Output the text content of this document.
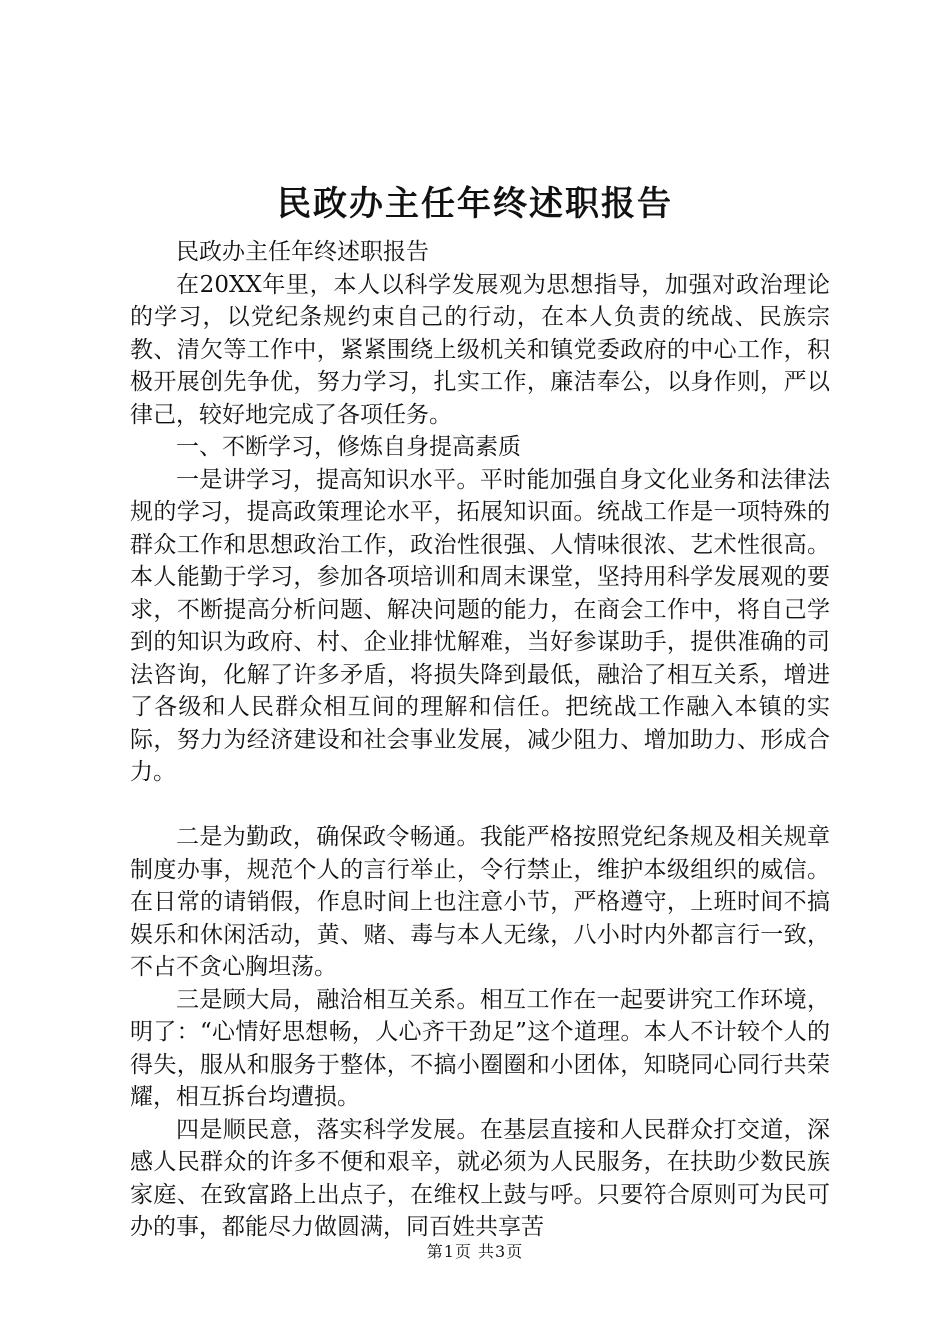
民政办主任年终述职报告

民政办主任年终述职报告

在20XX年里，本人以科学发展观为思想指导，加强对政治理论的学习，以党纪条规约束自己的行动，在本人负责的统战、民族宗教、清欠等工作中，紧紧围绕上级机关和镇党委政府的中心工作，积极开展创先争优，努力学习，扎实工作，廉洁奉公，以身作则，严以律己，较好地完成了各项任务。

一、不断学习，修炼自身提高素质

一是讲学习，提高知识水平。平时能加强自身文化业务和法律法规的学习，提高政策理论水平，拓展知识面。统战工作是一项特殊的群众工作和思想政治工作，政治性很强、人情味很浓、艺术性很高。本人能勤于学习，参加各项培训和周末课堂，坚持用科学发展观的要求，不断提高分析问题、解决问题的能力，在商会工作中，将自己学到的知识为政府、村、企业排忧解难，当好参谋助手，提供准确的司法咨询，化解了许多矛盾，将损失降到最低，融洽了相互关系，增进了各级和人民群众相互间的理解和信任。把统战工作融入本镇的实际，努力为经济建设和社会事业发展，减少阻力、增加助力、形成合力。

二是为勤政，确保政令畅通。我能严格按照党纪条规及相关规章制度办事，规范个人的言行举止，令行禁止，维护本级组织的威信。在日常的请销假，作息时间上也注意小节，严格遵守，上班时间不搞娱乐和休闲活动，黄、赌、毒与本人无缘，八小时内外都言行一致，不占不贪心胸坦荡。

三是顾大局，融洽相互关系。相互工作在一起要讲究工作环境，明了：“心情好思想畅，人心齐干劲足”这个道理。本人不计较个人的得失，服从和服务于整体，不搞小圈圈和小团体，知晓同心同行共荣耀，相互拆台均遭损。

四是顺民意，落实科学发展。在基层直接和人民群众打交道，深感人民群众的许多不便和艰辛，就必须为人民服务，在扶助少数民族家庭、在致富路上出点子，在维权上鼓与呼。只要符合原则可为民可办的事，都能尽力做圆满，同百姓共享苦

第1页 共3页
